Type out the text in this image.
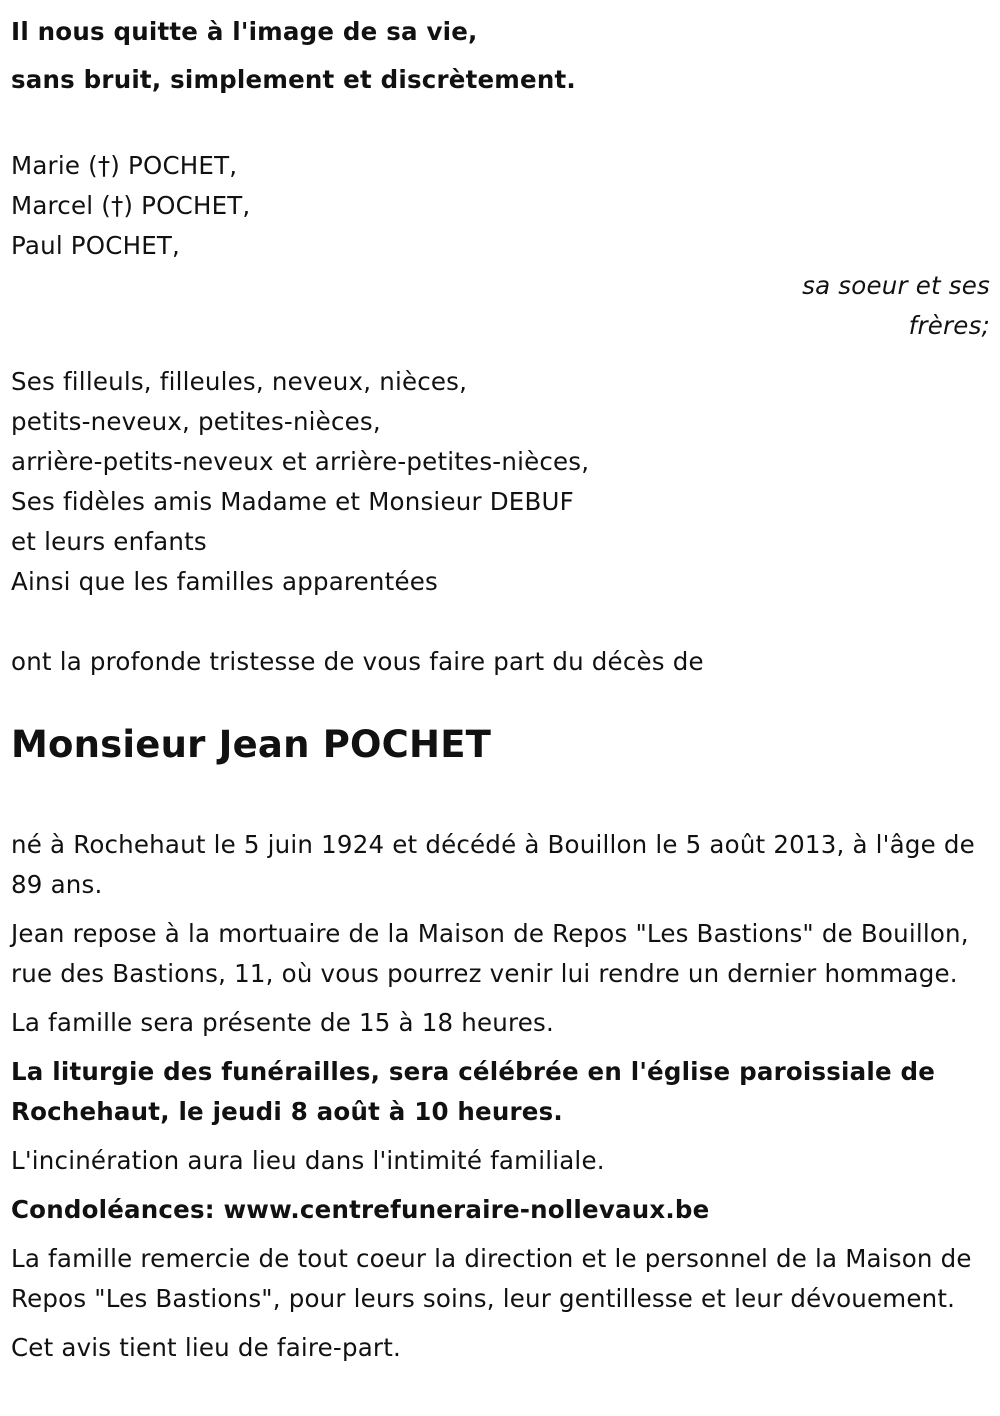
Il nous quitte à l'image de sa vie,
sans bruit, simplement et discrètement.
Marie (†) POCHET,
Marcel (†) POCHET,
Paul POCHET,
sa soeur et ses
frères;
Ses filleuls, filleules, neveux, nièces,
petits-neveux, petites-nièces,
arrière-petits-neveux et arrière-petites-nièces,
Ses fidèles amis Madame et Monsieur DEBUF
et leurs enfants
Ainsi que les familles apparentées
ont la profonde tristesse de vous faire part du décès de
Monsieur Jean POCHET

né à Rochehaut le 5 juin 1924 et décédé à Bouillon le 5 août 2013, à l'âge de 89 ans.

Jean repose à la mortuaire de la Maison de Repos "Les Bastions" de Bouillon, rue des Bastions, 11, où vous pourrez venir lui rendre un dernier hommage.

La famille sera présente de 15 à 18 heures.

La liturgie des funérailles, sera célébrée en l'église paroissiale de Rochehaut, le jeudi 8 août à 10 heures.

L'incinération aura lieu dans l'intimité familiale.

Condoléances: www.centrefuneraire-nollevaux.be

La famille remercie de tout coeur la direction et le personnel de la Maison de Repos "Les Bastions", pour leurs soins, leur gentillesse et leur dévouement.

Cet avis tient lieu de faire-part.
